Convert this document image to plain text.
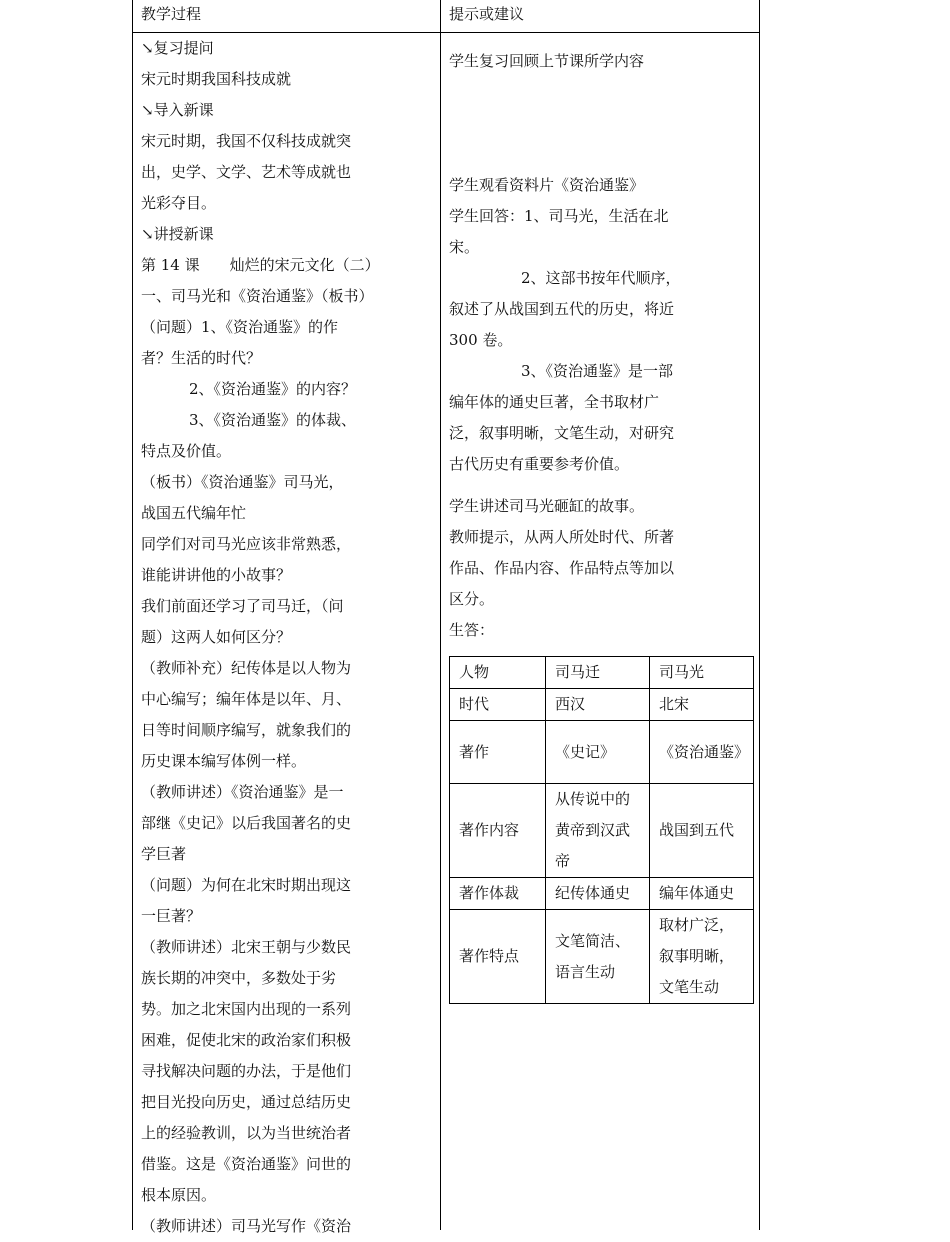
教学过程	提示或建议
↘复习提问
宋元时期我国科技成就
↘导入新课
宋元时期，我国不仅科技成就突
出，史学、文学、艺术等成就也
光彩夺目。
↘讲授新课
第 14 课　　灿烂的宋元文化（二）
一、司马光和《资治通鉴》（板书）
（问题）1、《资治通鉴》的作
者？生活的时代？
2、《资治通鉴》的内容？
3、《资治通鉴》的体裁、
特点及价值。
（板书）《资治通鉴》司马光，
战国五代编年忙
同学们对司马光应该非常熟悉，
谁能讲讲他的小故事？
我们前面还学习了司马迁，（问
题）这两人如何区分？
（教师补充）纪传体是以人物为
中心编写；编年体是以年、月、
日等时间顺序编写，就象我们的
历史课本编写体例一样。
（教师讲述）《资治通鉴》是一
部继《史记》以后我国著名的史
学巨著
（问题）为何在北宋时期出现这
一巨著？
（教师讲述）北宋王朝与少数民
族长期的冲突中，多数处于劣
势。加之北宋国内出现的一系列
困难，促使北宋的政治家们积极
寻找解决问题的办法，于是他们
把目光投向历史，通过总结历史
上的经验教训，以为当世统治者
借鉴。这是《资治通鉴》问世的
根本原因。
（教师讲述）司马光写作《资治
学生复习回顾上节课所学内容
学生观看资料片《资治通鉴》
学生回答：1、司马光，生活在北
宋。
2、这部书按年代顺序，
叙述了从战国到五代的历史，将近
300 卷。
3、《资治通鉴》是一部
编年体的通史巨著，全书取材广
泛，叙事明晰，文笔生动，对研究
古代历史有重要参考价值。
学生讲述司马光砸缸的故事。
教师提示，从两人所处时代、所著
作品、作品内容、作品特点等加以
区分。
生答：
人物	司马迁	司马光
时代	西汉	北宋
著作	《史记》	《资治通鉴》
著作内容	从传说中的黄帝到汉武帝	战国到五代
著作体裁	纪传体通史	编年体通史
著作特点	文笔简洁、语言生动	取材广泛，叙事明晰，文笔生动
